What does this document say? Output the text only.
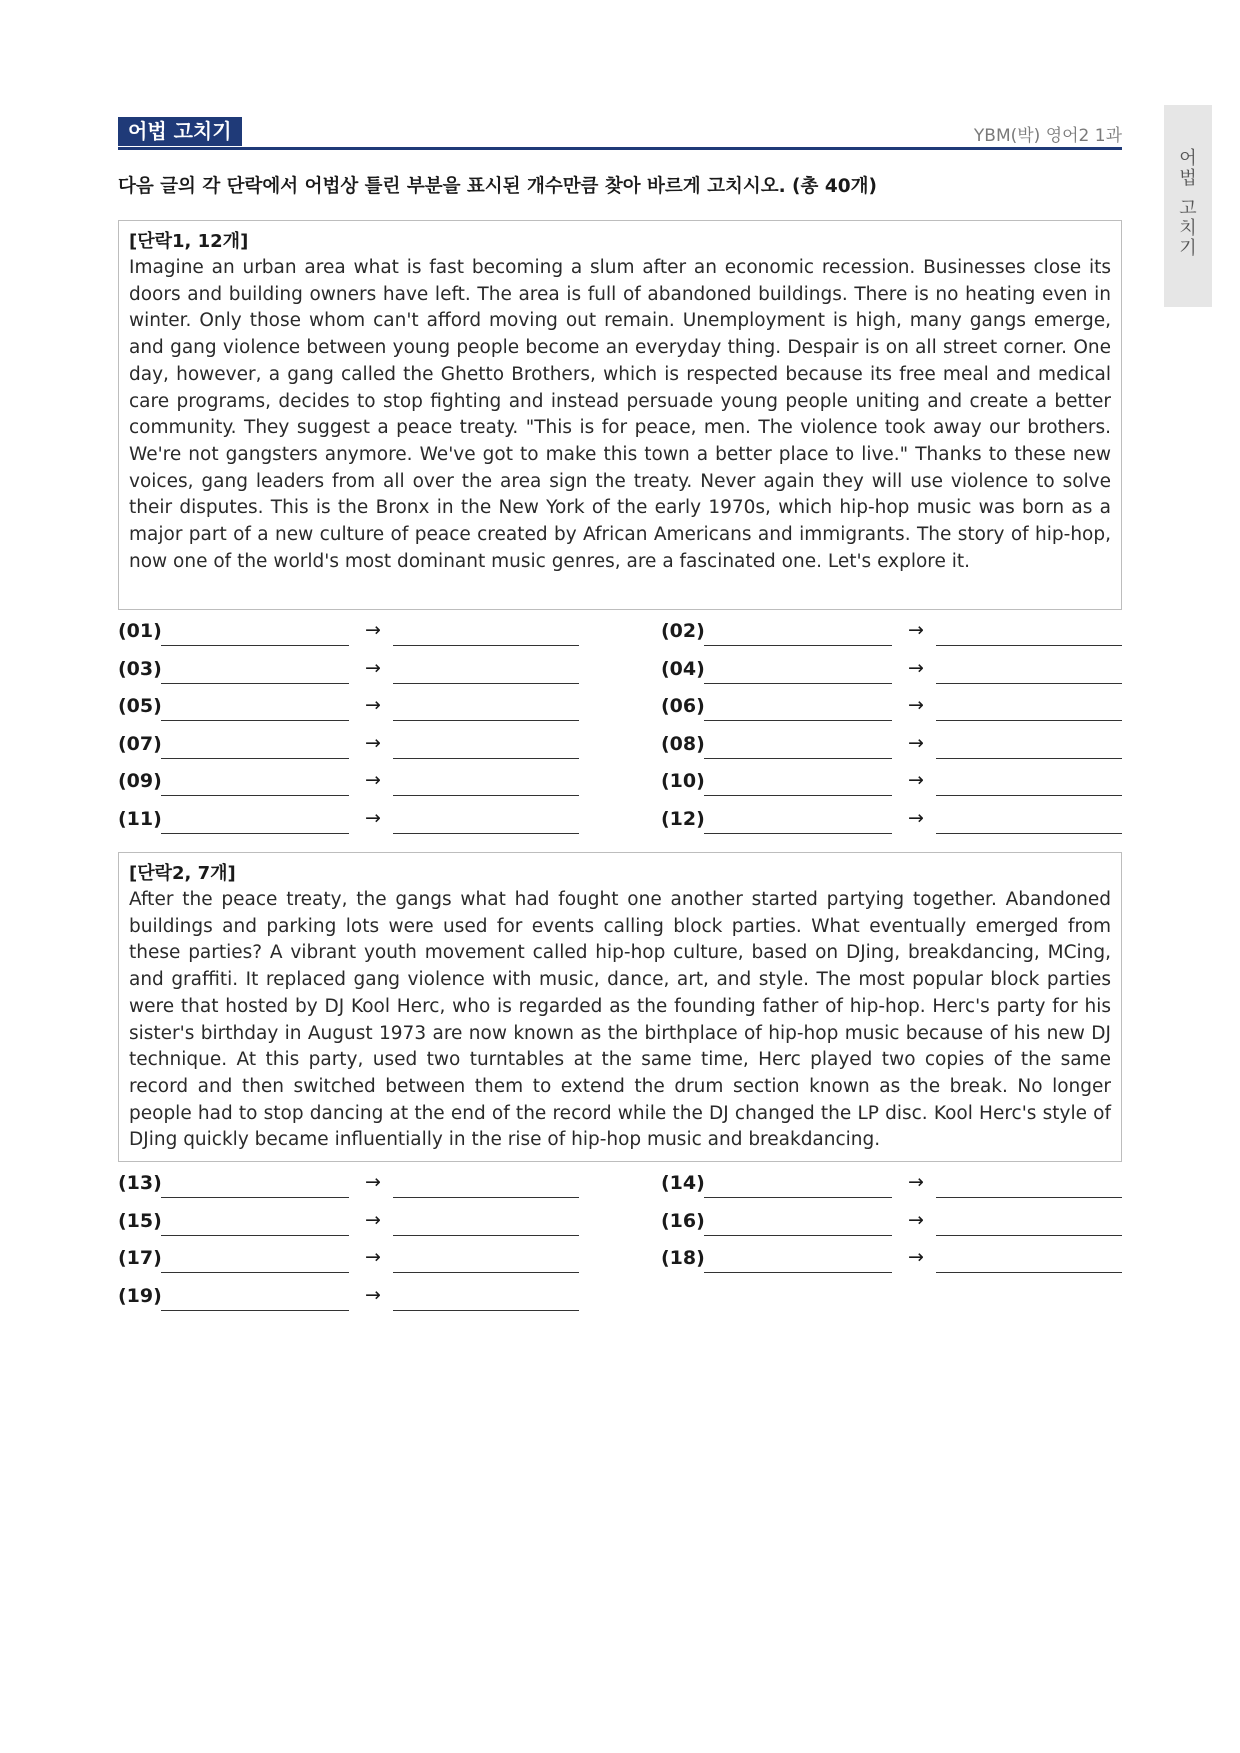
어법 고치기	YBM(박) 영어2 1과
어
법
고
치
기
다음 글의 각 단락에서 어법상 틀린 부분을 표시된 개수만큼 찾아 바르게 고치시오. (총 40개)
[단락1, 12개]
Imagine an urban area what is fast becoming a slum after an economic recession. Businesses close its doors and building owners have left. The area is full of abandoned buildings. There is no heating even in winter. Only those whom can't afford moving out remain. Unemployment is high, many gangs emerge, and gang violence between young people become an everyday thing. Despair is on all street corner. One day, however, a gang called the Ghetto Brothers, which is respected because its free meal and medical care programs, decides to stop fighting and instead persuade young people uniting and create a better community. They suggest a peace treaty. "This is for peace, men. The violence took away our brothers. We're not gangsters anymore. We've got to make this town a better place to live." Thanks to these new voices, gang leaders from all over the area sign the treaty. Never again they will use violence to solve their disputes. This is the Bronx in the New York of the early 1970s, which hip-hop music was born as a major part of a new culture of peace created by African Americans and immigrants. The story of hip-hop, now one of the world's most dominant music genres, are a fascinated one. Let's explore it.
(01)	→	(02)	→
(03)	→	(04)	→
(05)	→	(06)	→
(07)	→	(08)	→
(09)	→	(10)	→
(11)	→	(12)	→
[단락2, 7개]
After the peace treaty, the gangs what had fought one another started partying together. Abandoned buildings and parking lots were used for events calling block parties. What eventually emerged from these parties? A vibrant youth movement called hip-hop culture, based on DJing, breakdancing, MCing, and graffiti. It replaced gang violence with music, dance, art, and style. The most popular block parties were that hosted by DJ Kool Herc, who is regarded as the founding father of hip-hop. Herc's party for his sister's birthday in August 1973 are now known as the birthplace of hip-hop music because of his new DJ technique. At this party, used two turntables at the same time, Herc played two copies of the same record and then switched between them to extend the drum section known as the break. No longer people had to stop dancing at the end of the record while the DJ changed the LP disc. Kool Herc's style of DJing quickly became influentially in the rise of hip-hop music and breakdancing.
(13)	→	(14)	→
(15)	→	(16)	→
(17)	→	(18)	→
(19)	→
